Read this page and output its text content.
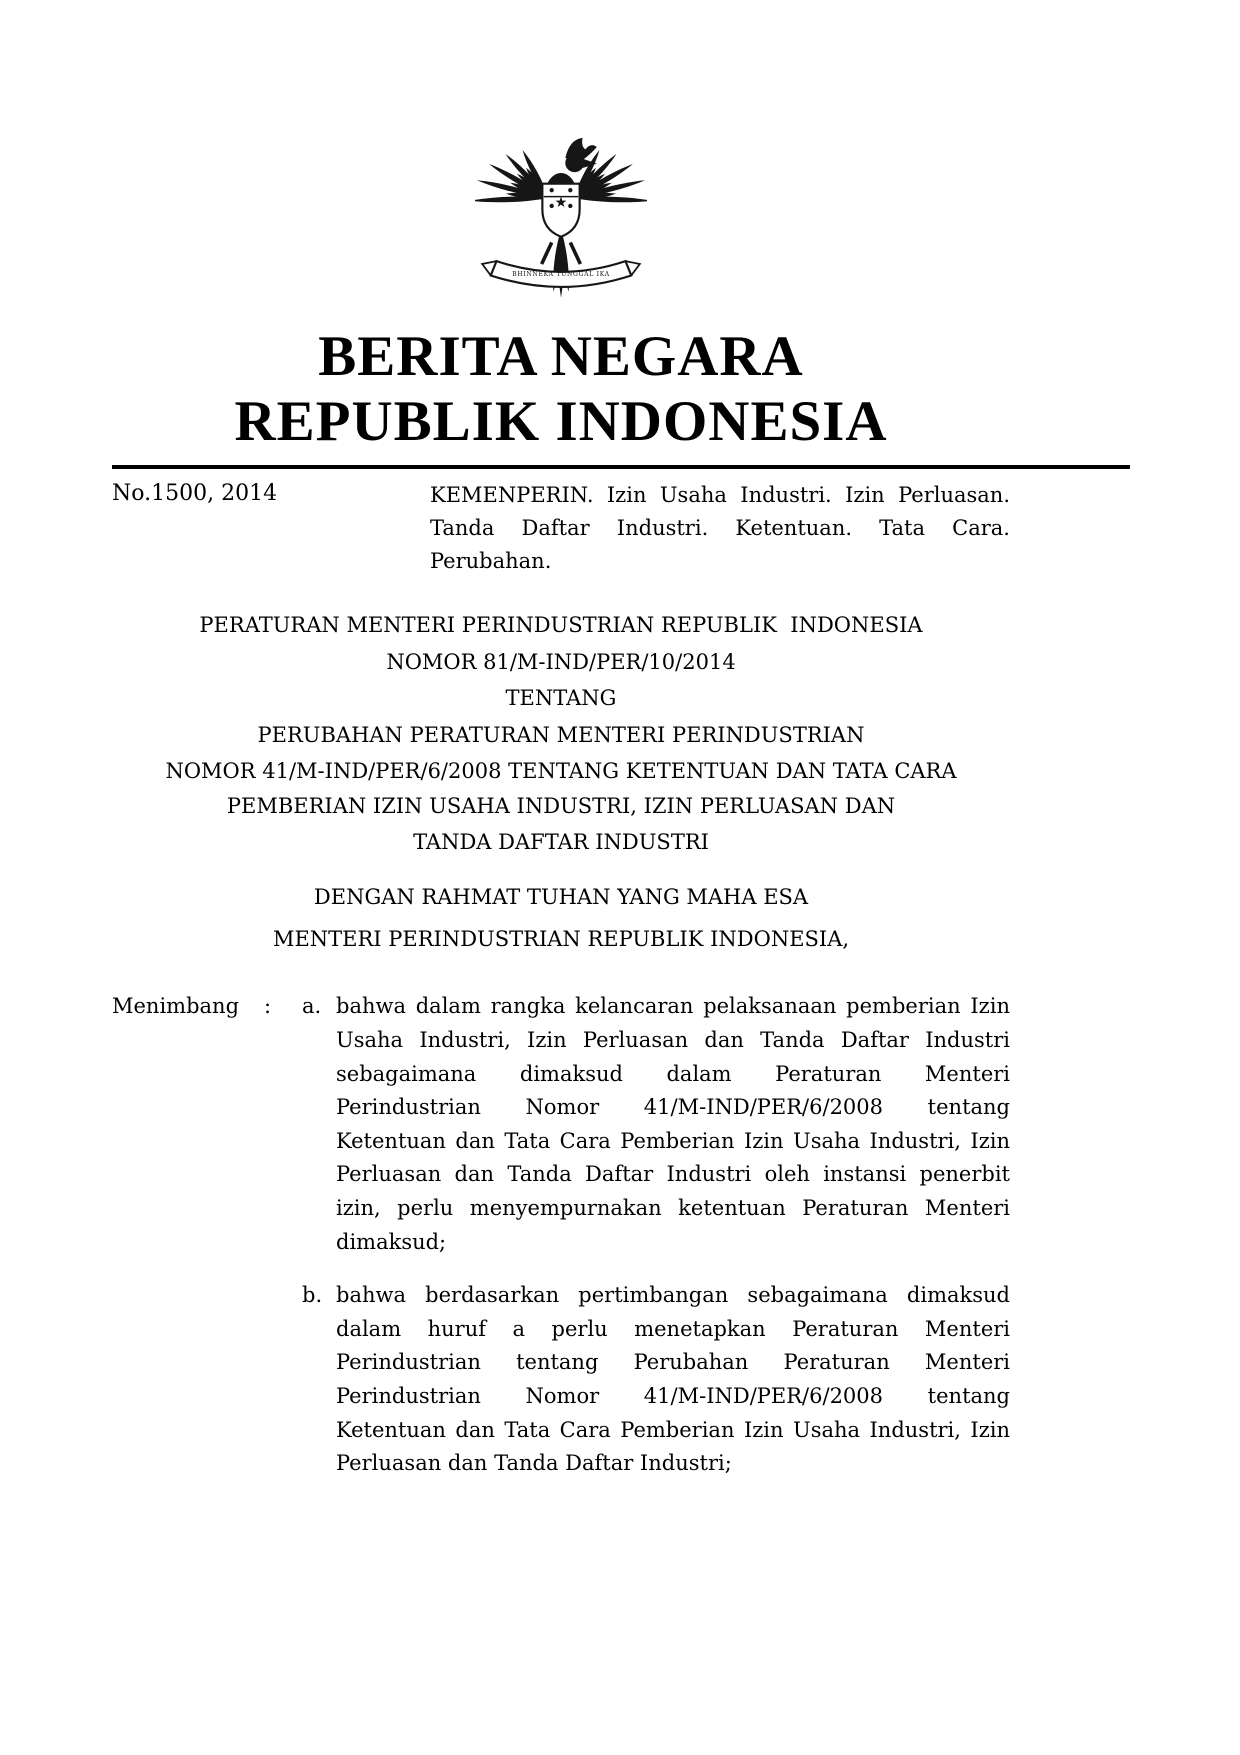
BHINNEKA TUNGGAL IKA
BERITA NEGARA
REPUBLIK INDONESIA
No.1500, 2014	KEMENPERIN. Izin Usaha Industri. Izin Perluasan. Tanda Daftar Industri. Ketentuan. Tata Cara. Perubahan.

PERATURAN MENTERI PERINDUSTRIAN REPUBLIK  INDONESIA

NOMOR 81/M-IND/PER/10/2014

TENTANG

PERUBAHAN PERATURAN MENTERI PERINDUSTRIAN

NOMOR 41/M-IND/PER/6/2008 TENTANG KETENTUAN DAN TATA CARA PEMBERIAN IZIN USAHA INDUSTRI, IZIN PERLUASAN DAN

TANDA DAFTAR INDUSTRI

DENGAN RAHMAT TUHAN YANG MAHA ESA

MENTERI PERINDUSTRIAN REPUBLIK INDONESIA,

Menimbang	:	a. bahwa dalam rangka kelancaran pelaksanaan pemberian Izin Usaha Industri, Izin Perluasan dan Tanda Daftar Industri sebagaimana dimaksud dalam Peraturan Menteri Perindustrian Nomor 41/M-IND/PER/6/2008 tentang Ketentuan dan Tata Cara Pemberian Izin Usaha Industri, Izin Perluasan dan Tanda Daftar Industri oleh instansi penerbit izin, perlu menyempurnakan ketentuan Peraturan Menteri dimaksud;
b. bahwa berdasarkan pertimbangan sebagaimana dimaksud dalam huruf a perlu menetapkan Peraturan Menteri Perindustrian tentang Perubahan Peraturan Menteri Perindustrian Nomor 41/M-IND/PER/6/2008 tentang Ketentuan dan Tata Cara Pemberian Izin Usaha Industri, Izin Perluasan dan Tanda Daftar Industri;
